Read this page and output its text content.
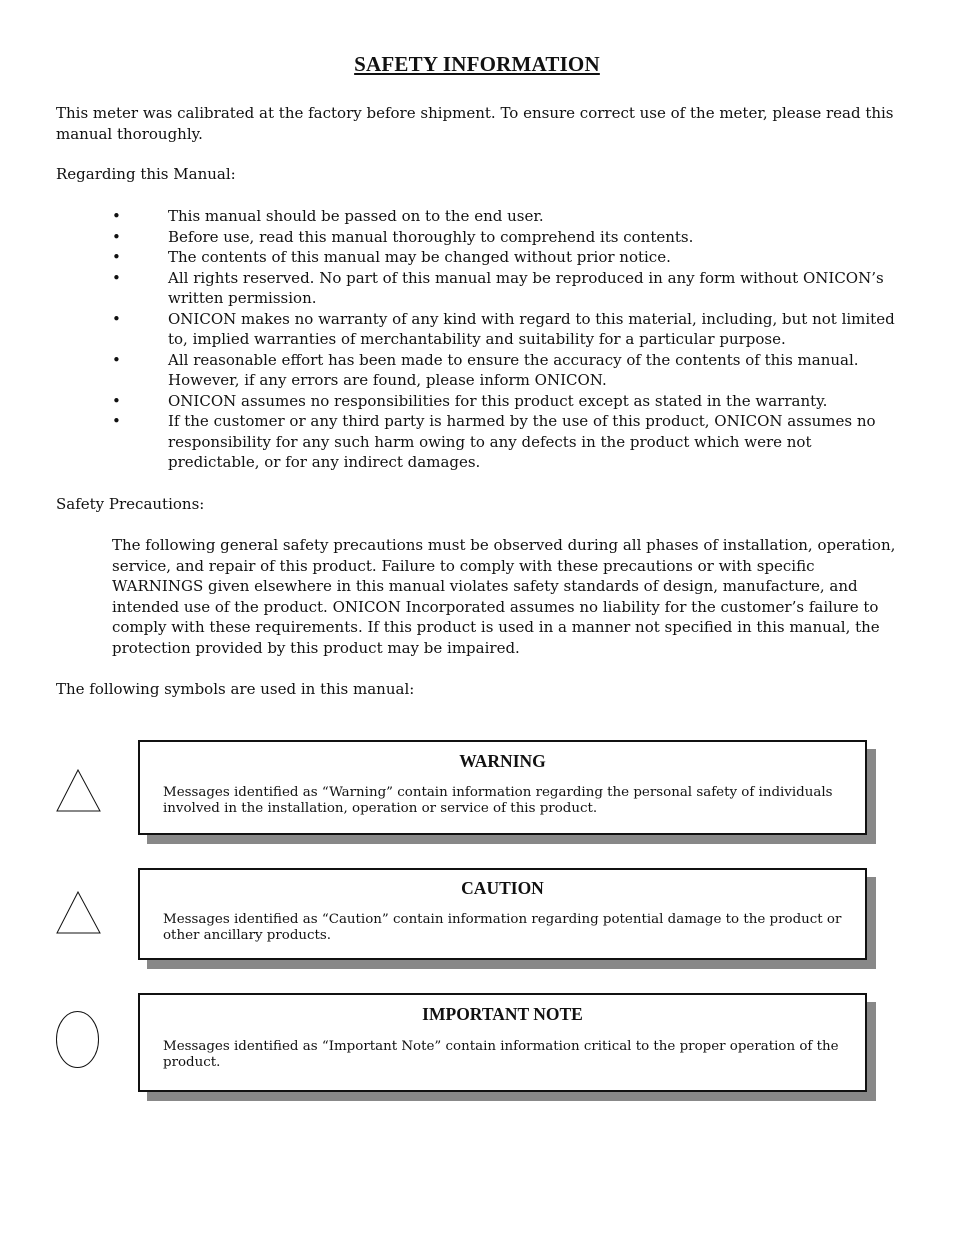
SAFETY INFORMATION

This meter was calibrated at the factory before shipment. To ensure correct use of the meter, please read this manual thoroughly.

Regarding this Manual:

•	This manual should be passed on to the end user.
•	Before use, read this manual thoroughly to comprehend its contents.
•	The contents of this manual may be changed without prior notice.
•	All rights reserved. No part of this manual may be reproduced in any form without ONICON’s written permission.
•	ONICON makes no warranty of any kind with regard to this material, including, but not limited to, implied warranties of merchantability and suitability for a particular purpose.
•	All reasonable effort has been made to ensure the accuracy of the contents of this manual. However, if any errors are found, please inform ONICON.
•	ONICON assumes no responsibilities for this product except as stated in the warranty.
•	If the customer or any third party is harmed by the use of this product, ONICON assumes no responsibility for any such harm owing to any defects in the product which were not predictable, or for any indirect damages.

Safety Precautions:

The following general safety precautions must be observed during all phases of installation, operation, service, and repair of this product. Failure to comply with these precautions or with specific WARNINGS given elsewhere in this manual violates safety standards of design, manufacture, and intended use of the product. ONICON Incorporated assumes no liability for the customer’s failure to comply with these requirements. If this product is used in a manner not specified in this manual, the protection provided by this product may be impaired.

The following symbols are used in this manual:

WARNING
Messages identified as “Warning” contain information regarding the personal safety of individuals involved in the installation, operation or service of this product.
CAUTION
Messages identified as “Caution” contain information regarding potential damage to the product or other ancillary products.
IMPORTANT NOTE
Messages identified as “Important Note” contain information critical to the proper operation of the product.
